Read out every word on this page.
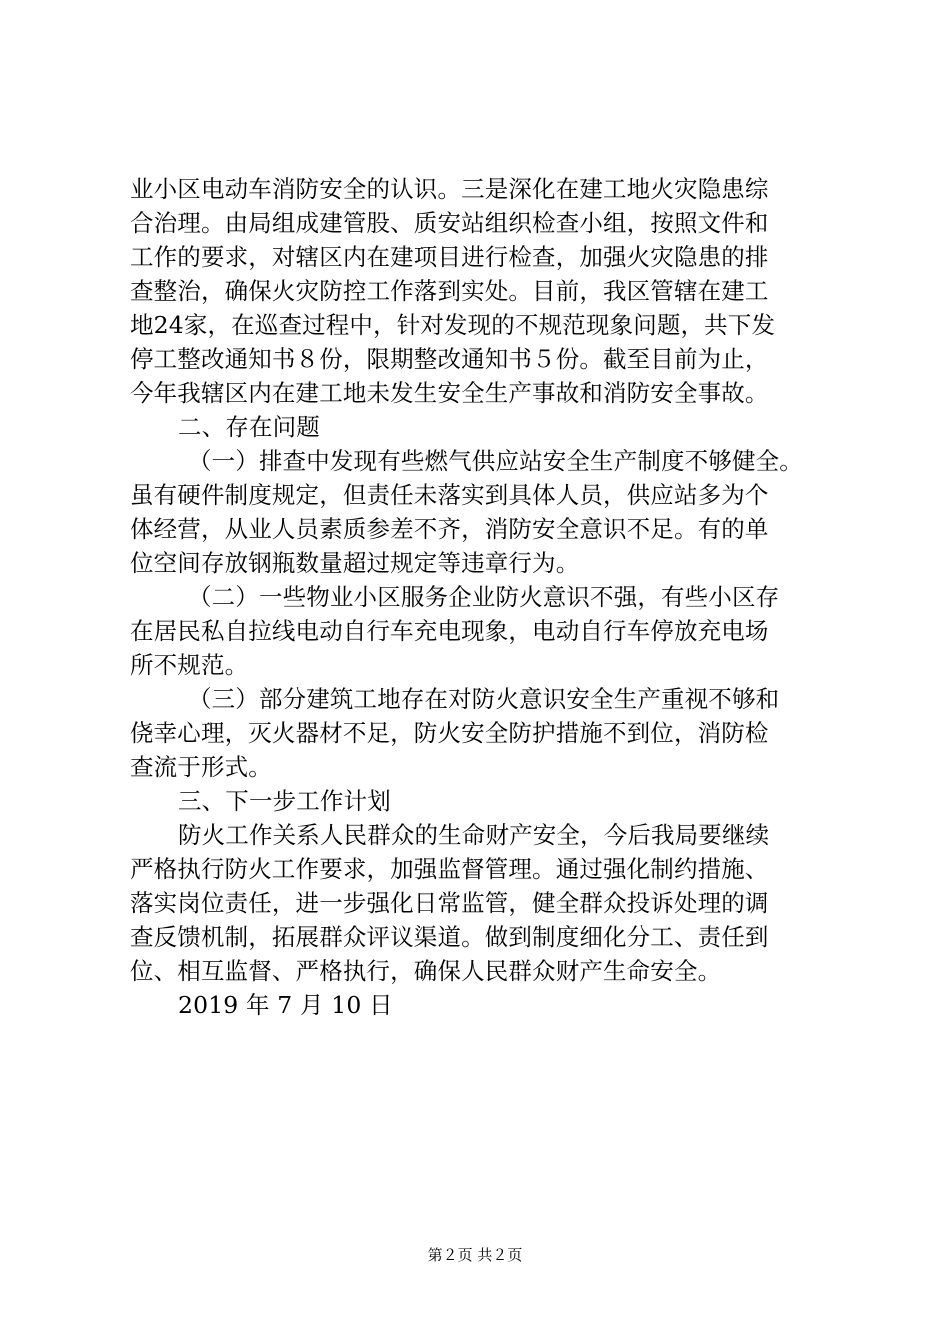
业小区电动车消防安全的认识。三是深化在建工地火灾隐患综
合治理。由局组成建管股、质安站组织检查小组，按照文件和
工作的要求，对辖区内在建项目进行检查，加强火灾隐患的排
查整治，确保火灾防控工作落到实处。目前，我区管辖在建工
地24家，在巡查过程中，针对发现的不规范现象问题，共下发
停工整改通知书８份，限期整改通知书５份。截至目前为止，
今年我辖区内在建工地未发生安全生产事故和消防安全事故。
二、存在问题
（一）排查中发现有些燃气供应站安全生产制度不够健全。
虽有硬件制度规定，但责任未落实到具体人员，供应站多为个
体经营，从业人员素质参差不齐，消防安全意识不足。有的单
位空间存放钢瓶数量超过规定等违章行为。
（二）一些物业小区服务企业防火意识不强，有些小区存
在居民私自拉线电动自行车充电现象，电动自行车停放充电场
所不规范。
（三）部分建筑工地存在对防火意识安全生产重视不够和
侥幸心理，灭火器材不足，防火安全防护措施不到位，消防检
查流于形式。
三、下一步工作计划
防火工作关系人民群众的生命财产安全，今后我局要继续
严格执行防火工作要求，加强监督管理。通过强化制约措施、
落实岗位责任，进一步强化日常监管，健全群众投诉处理的调
查反馈机制，拓展群众评议渠道。做到制度细化分工、责任到
位、相互监督、严格执行，确保人民群众财产生命安全。
2019 年 7 月 10 日
第２页 共２页
